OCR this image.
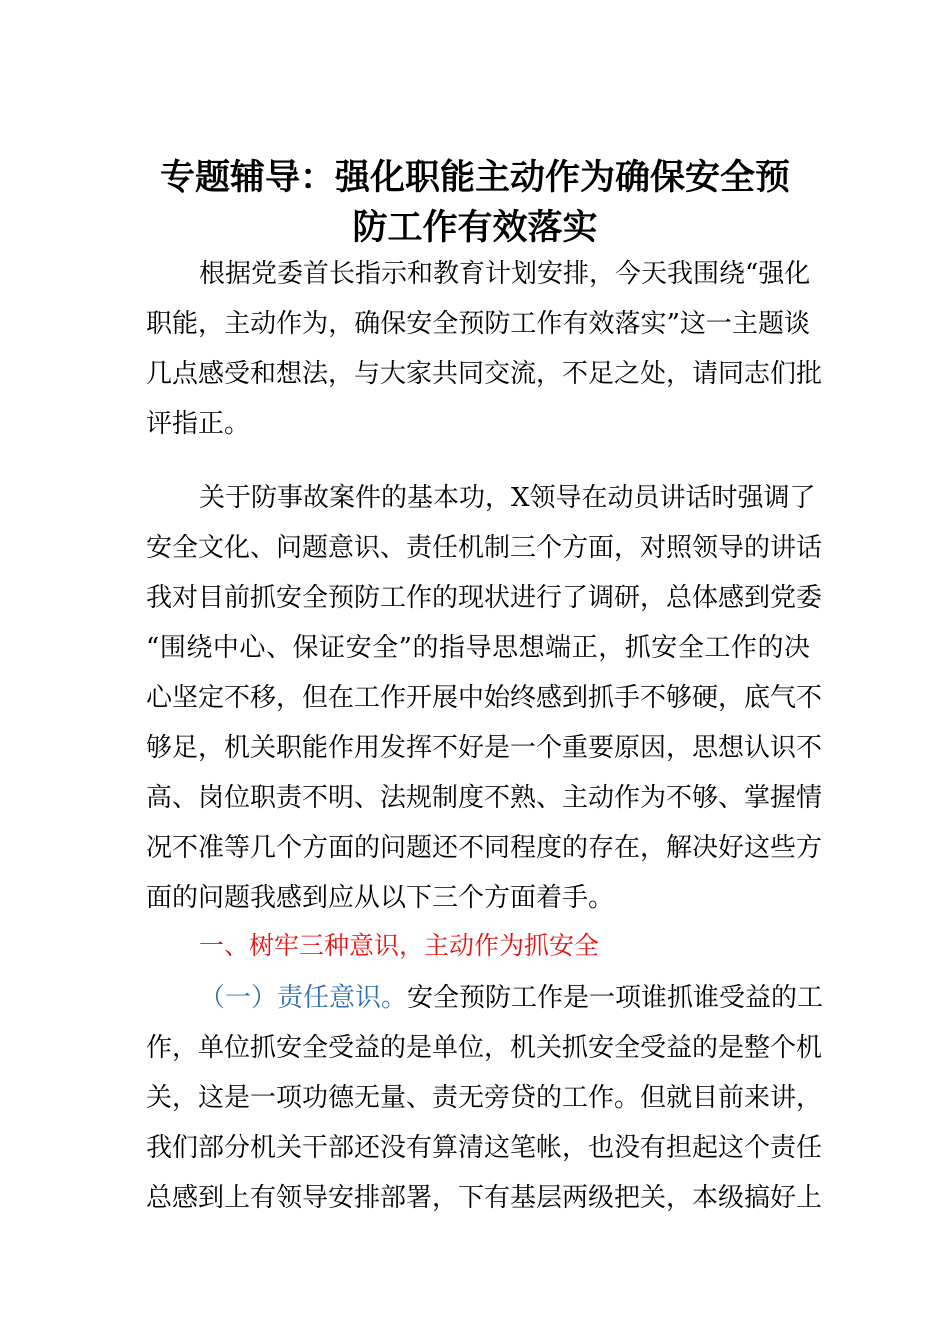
专题辅导：强化职能主动作为确保安全预
防工作有效落实
根据党委首长指示和教育计划安排，今天我围绕“强化
职能，主动作为，确保安全预防工作有效落实”这一主题谈
几点感受和想法，与大家共同交流，不足之处，请同志们批
评指正。
关于防事故案件的基本功，X领导在动员讲话时强调了
安全文化、问题意识、责任机制三个方面，对照领导的讲话
我对目前抓安全预防工作的现状进行了调研，总体感到党委
“围绕中心、保证安全”的指导思想端正，抓安全工作的决
心坚定不移，但在工作开展中始终感到抓手不够硬，底气不
够足，机关职能作用发挥不好是一个重要原因，思想认识不
高、岗位职责不明、法规制度不熟、主动作为不够、掌握情
况不准等几个方面的问题还不同程度的存在，解决好这些方
面的问题我感到应从以下三个方面着手。
一、树牢三种意识，主动作为抓安全
（一）责任意识。安全预防工作是一项谁抓谁受益的工
作，单位抓安全受益的是单位，机关抓安全受益的是整个机
关，这是一项功德无量、责无旁贷的工作。但就目前来讲，
我们部分机关干部还没有算清这笔帐，也没有担起这个责任
总感到上有领导安排部署，下有基层两级把关，本级搞好上
